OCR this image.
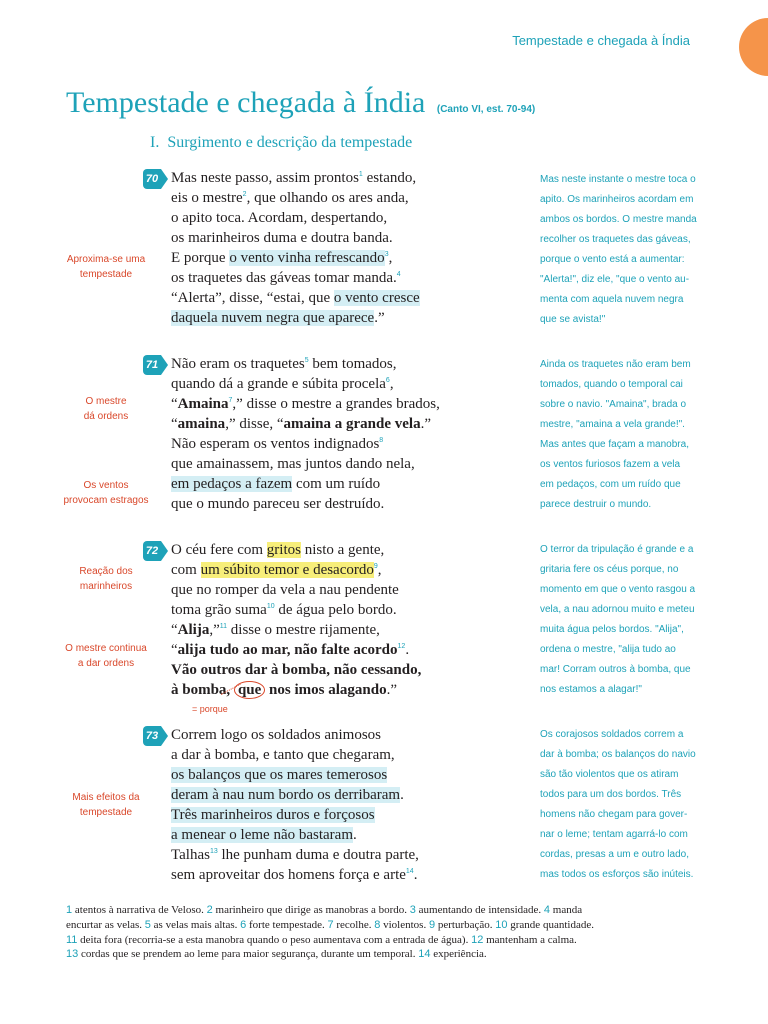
Tempestade e chegada à Índia
Tempestade e chegada à Índia (Canto VI, est. 70-94)
I. Surgimento e descrição da tempestade
70
71
72
73
Mas neste passo, assim prontos$^1$ estando,
eis o mestre$^2$, que olhando os ares anda,
o apito toca. Acordam, despertando,
os marinheiros duma e doutra banda.
E porque o vento vinha refrescando$^3$,
os traquetes das gáveas tomar manda.$^4$
“Alerta”, disse, “estai, que o vento cresce
daquela nuvem negra que aparece.”
Não eram os traquetes$^5$ bem tomados,
quando dá a grande e súbita procela$^6$,
“Amaina$^7$,” disse o mestre a grandes brados,
“amaina,” disse, “amaina a grande vela.”
Não esperam os ventos indignados$^8$
que amainassem, mas juntos dando nela,
em pedaços a fazem com um ruído
que o mundo pareceu ser destruído.
O céu fere com gritos nisto a gente,
com um súbito temor e desacordo$^9$,
que no romper da vela a nau pendente
toma grão suma$^{10}$ de água pelo bordo.
“Alija,”$^{11}$ disse o mestre rijamente,
“alija tudo ao mar, não falte acordo$^{12}$.
Vão outros dar à bomba, não cessando,
à bomba, que nos imos alagando.”
Correm logo os soldados animosos
a dar à bomba, e tanto que chegaram,
os balanços que os mares temerosos
deram à nau num bordo os derribaram.
Três marinheiros duros e forçosos
a menear o leme não bastaram.
Talhas$^{13}$ lhe punham duma e doutra parte,
sem aproveitar dos homens força e arte$^{14}$.
Aproxima-se uma
tempestade
O mestre
dá ordens
Os ventos
provocam estragos
Reação dos
marinheiros
O mestre continua
a dar ordens
Mais efeitos da
tempestade
Mas neste instante o mestre toca o
apito. Os marinheiros acordam em
ambos os bordos. O mestre manda
recolher os traquetes das gáveas,
porque o vento está a aumentar:
"Alerta!", diz ele, "que o vento au-
menta com aquela nuvem negra
que se avista!"
Ainda os traquetes não eram bem
tomados, quando o temporal cai
sobre o navio. "Amaina", brada o
mestre, "amaina a vela grande!".
Mas antes que façam a manobra,
os ventos furiosos fazem a vela
em pedaços, com um ruído que
parece destruir o mundo.
O terror da tripulação é grande e a
gritaria fere os céus porque, no
momento em que o vento rasgou a
vela, a nau adornou muito e meteu
muita água pelos bordos. "Alija",
ordena o mestre, "alija tudo ao
mar! Corram outros à bomba, que
nos estamos a alagar!"
Os corajosos soldados correm a
dar à bomba; os balanços do navio
são tão violentos que os atiram
todos para um dos bordos. Três
homens não chegam para gover-
nar o leme; tentam agarrá-lo com
cordas, presas a um e outro lado,
mas todos os esforços são inúteis.
= porque
1 atentos à narrativa de Veloso. 2 marinheiro que dirige as manobras a bordo. 3 aumentando de intensidade. 4 manda
encurtar as velas. 5 as velas mais altas. 6 forte tempestade. 7 recolhe. 8 violentos. 9 perturbação. 10 grande quantidade.
11 deita fora (recorria-se a esta manobra quando o peso aumentava com a entrada de água). 12 mantenham a calma.
13 cordas que se prendem ao leme para maior segurança, durante um temporal. 14 experiência.
